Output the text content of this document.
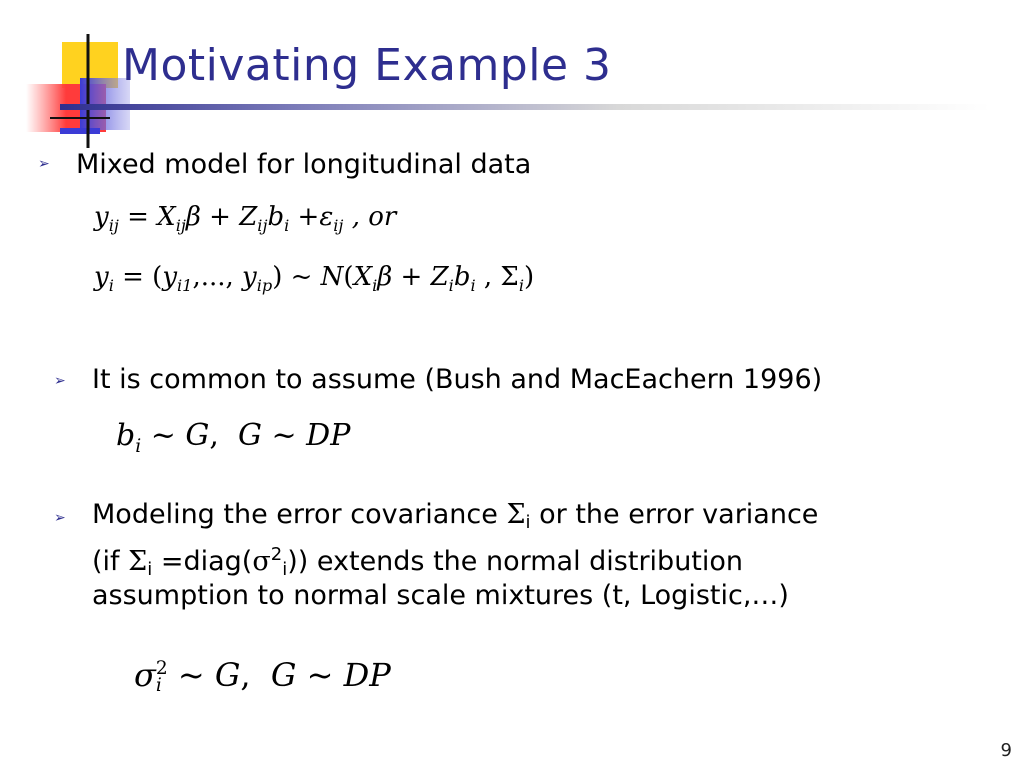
Motivating Example 3
➢ Mixed model for longitudinal data
$y_{ij} = X_{ij}\beta + Z_{ij}b_i +\varepsilon_{ij}$ , or
$y_i = (y_{i1}$,..., $y_{ip}$) ~ $N(X_i\beta + Z_ib_i$ , $\Sigma_i$)
➢ It is common to assume (Bush and MacEachern 1996)
$b_i$ ~ G,  G ~ DP
➢ Modeling the error covariance Σi or the error variance
(if $\Sigma i =diag(\sigma^2i)$) extends the normal distribution
assumption to normal scale mixtures (t, Logistic,…)
σ 2
i ~ G,  G ~ DP
9
